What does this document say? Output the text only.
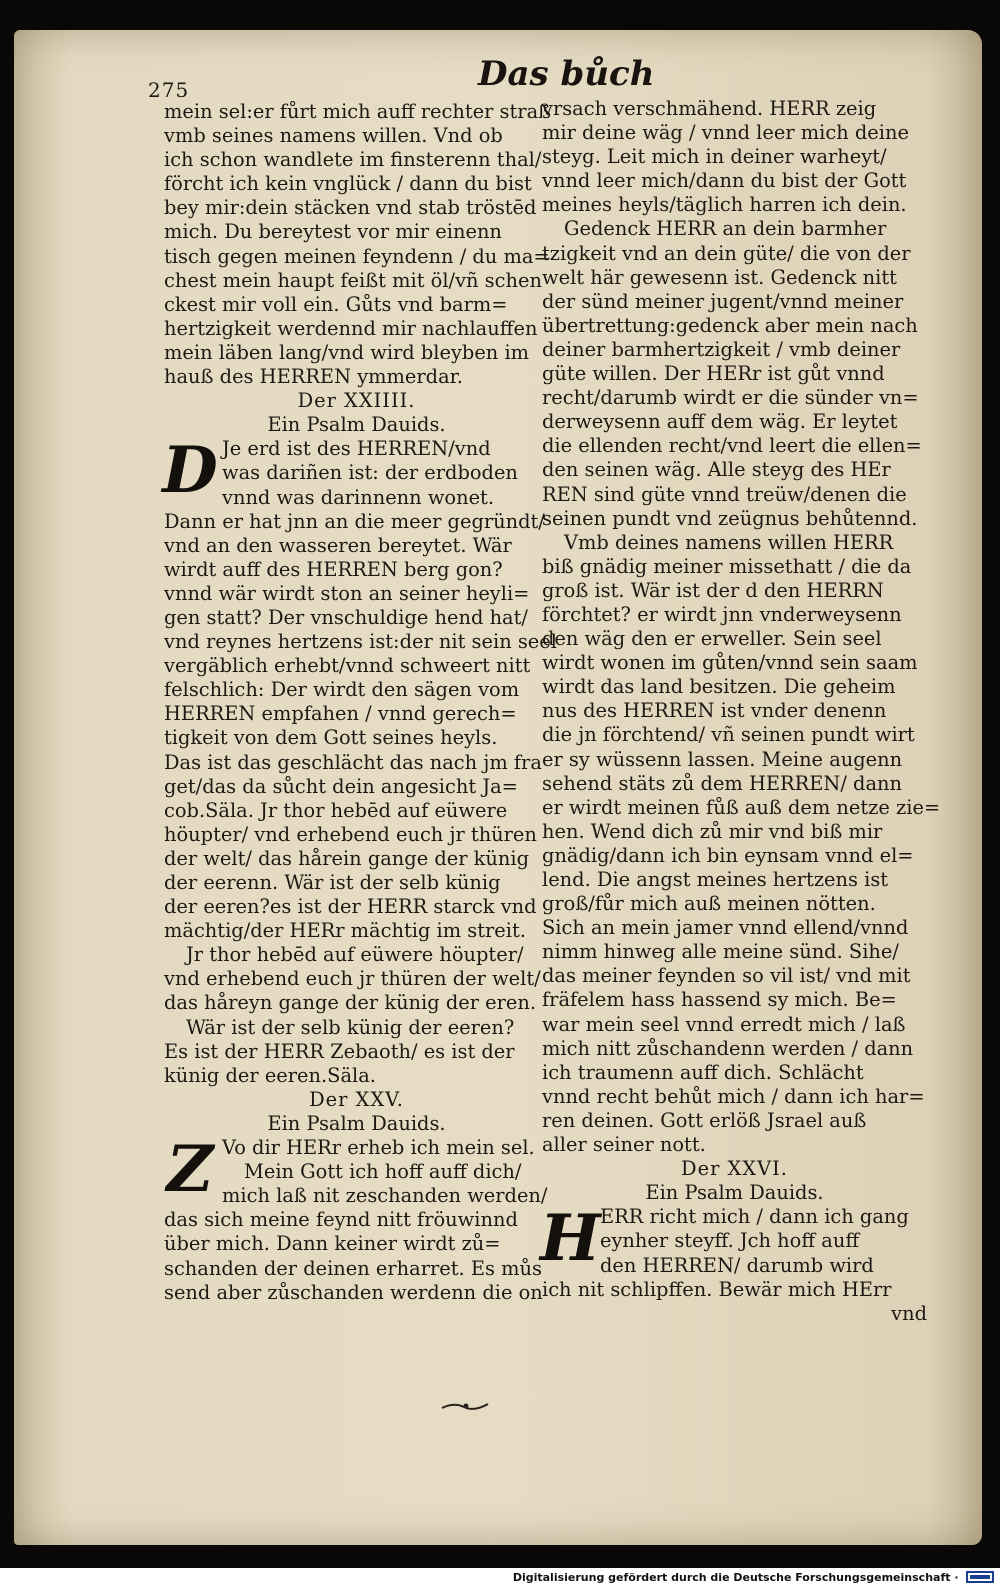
275	Das bůch
mein sel:er fůrt mich auff rechter straß
vmb seines namens willen. Vnd ob
ich schon wandlete im finsterenn thal/
förcht ich kein vnglück / dann du bist
bey mir:dein stäcken vnd stab tröstēd
mich. Du bereytest vor mir einenn
tisch gegen meinen feyndenn / du ma=
chest mein haupt feißt mit öl/vñ schen
ckest mir voll ein. Gůts vnd barm=
hertzigkeit werdennd mir nachlauffen
mein läben lang/vnd wird bleyben im
hauß des HERREN ymmerdar.
Der XXIIII.
Ein Psalm Dauids.
D Je erd ist des HERREN/vnd
was dariñen ist: der erdboden
vnnd was darinnenn wonet.
Dann er hat jnn an die meer gegründt/
vnd an den wasseren bereytet. Wär
wirdt auff des HERREN berg gon?
vnnd wär wirdt ston an seiner heyli=
gen statt? Der vnschuldige hend hat/
vnd reynes hertzens ist:der nit sein seel
vergäblich erhebt/vnnd schweert nitt
felschlich: Der wirdt den sägen vom
HERREN empfahen / vnnd gerech=
tigkeit von dem Gott seines heyls.
Das ist das geschlächt das nach jm fra
get/das da sůcht dein angesicht Ja=
cob.Säla. Jr thor hebēd auf eüwere
höupter/ vnd erhebend euch jr thüren
der welt/ das hårein gange der künig
der eerenn. Wär ist der selb künig
der eeren?es ist der HERR starck vnd
mächtig/der HERr mächtig im streit.
Jr thor hebēd auf eüwere höupter/
vnd erhebend euch jr thüren der welt/
das håreyn gange der künig der eren.
Wär ist der selb künig der eeren?
Es ist der HERR Zebaoth/ es ist der
künig der eeren.Säla.
Der XXV.
Ein Psalm Dauids.
Z Vo dir HERr erheb ich mein sel.
Mein Gott ich hoff auff dich/
mich laß nit zeschanden werden/
das sich meine feynd nitt fröuwinnd
über mich. Dann keiner wirdt zů=
schanden der deinen erharret. Es můs
send aber zůschanden werdenn die on
vrsach verschmähend. HERR zeig
mir deine wäg / vnnd leer mich deine
steyg. Leit mich in deiner warheyt/
vnnd leer mich/dann du bist der Gott
meines heyls/täglich harren ich dein.
Gedenck HERR an dein barmher
tzigkeit vnd an dein güte/ die von der
welt här gewesenn ist. Gedenck nitt
der sünd meiner jugent/vnnd meiner
übertrettung:gedenck aber mein nach
deiner barmhertzigkeit / vmb deiner
güte willen. Der HERr ist gůt vnnd
recht/darumb wirdt er die sünder vn=
derweysenn auff dem wäg. Er leytet
die ellenden recht/vnd leert die ellen=
den seinen wäg. Alle steyg des HEr
REN sind güte vnnd treüw/denen die
seinen pundt vnd zeügnus behůtennd.
Vmb deines namens willen HERR
biß gnädig meiner missethatt / die da
groß ist. Wär ist der d den HERRN
förchtet? er wirdt jnn vnderweysenn
den wäg den er erweller. Sein seel
wirdt wonen im gůten/vnnd sein saam
wirdt das land besitzen. Die geheim
nus des HERREN ist vnder denenn
die jn förchtend/ vñ seinen pundt wirt
er sy wüssenn lassen. Meine augenn
sehend stäts zů dem HERREN/ dann
er wirdt meinen fůß auß dem netze zie=
hen. Wend dich zů mir vnd biß mir
gnädig/dann ich bin eynsam vnnd el=
lend. Die angst meines hertzens ist
groß/fůr mich auß meinen nötten.
Sich an mein jamer vnnd ellend/vnnd
nimm hinweg alle meine sünd. Sihe/
das meiner feynden so vil ist/ vnd mit
fräfelem hass hassend sy mich. Be=
war mein seel vnnd erredt mich / laß
mich nitt zůschandenn werden / dann
ich traumenn auff dich. Schlächt
vnnd recht behůt mich / dann ich har=
ren deinen. Gott erlöß Jsrael auß
aller seiner nott.
Der XXVI.
Ein Psalm Dauids.
H ERR richt mich / dann ich gang
eynher steyff. Jch hoff auff
den HERREN/ darumb wird
ich nit schlipffen. Bewär mich HErr
vnd
Digitalisierung gefördert durch die Deutsche Forschungsgemeinschaft ·
